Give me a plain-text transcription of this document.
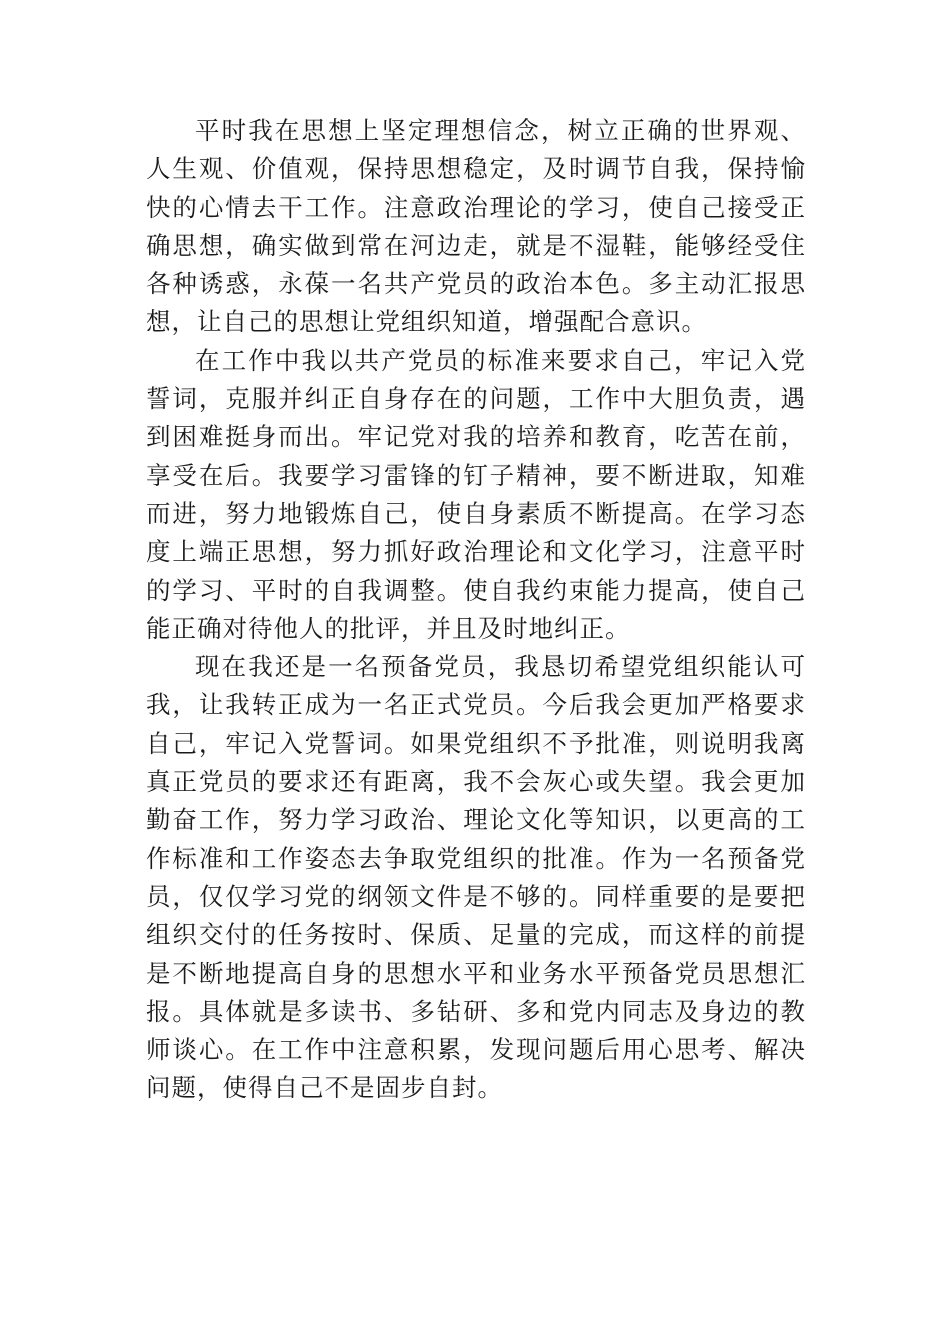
平时我在思想上坚定理想信念，树立正确的世界观、人生观、价值观，保持思想稳定，及时调节自我，保持愉快的心情去干工作。注意政治理论的学习，使自己接受正确思想，确实做到常在河边走，就是不湿鞋，能够经受住各种诱惑，永葆一名共产党员的政治本色。多主动汇报思想，让自己的思想让党组织知道，增强配合意识。

在工作中我以共产党员的标准来要求自己，牢记入党誓词，克服并纠正自身存在的问题，工作中大胆负责，遇到困难挺身而出。牢记党对我的培养和教育，吃苦在前，享受在后。我要学习雷锋的钉子精神，要不断进取，知难而进，努力地锻炼自己，使自身素质不断提高。在学习态度上端正思想，努力抓好政治理论和文化学习，注意平时的学习、平时的自我调整。使自我约束能力提高，使自己能正确对待他人的批评，并且及时地纠正。

现在我还是一名预备党员，我恳切希望党组织能认可我，让我转正成为一名正式党员。今后我会更加严格要求自己，牢记入党誓词。如果党组织不予批准，则说明我离真正党员的要求还有距离，我不会灰心或失望。我会更加勤奋工作，努力学习政治、理论文化等知识，以更高的工作标准和工作姿态去争取党组织的批准。作为一名预备党员，仅仅学习党的纲领文件是不够的。同样重要的是要把组织交付的任务按时、保质、足量的完成，而这样的前提是不断地提高自身的思想水平和业务水平预备党员思想汇报。具体就是多读书、多钻研、多和党内同志及身边的教师谈心。在工作中注意积累，发现问题后用心思考、解决问题，使得自己不是固步自封。
